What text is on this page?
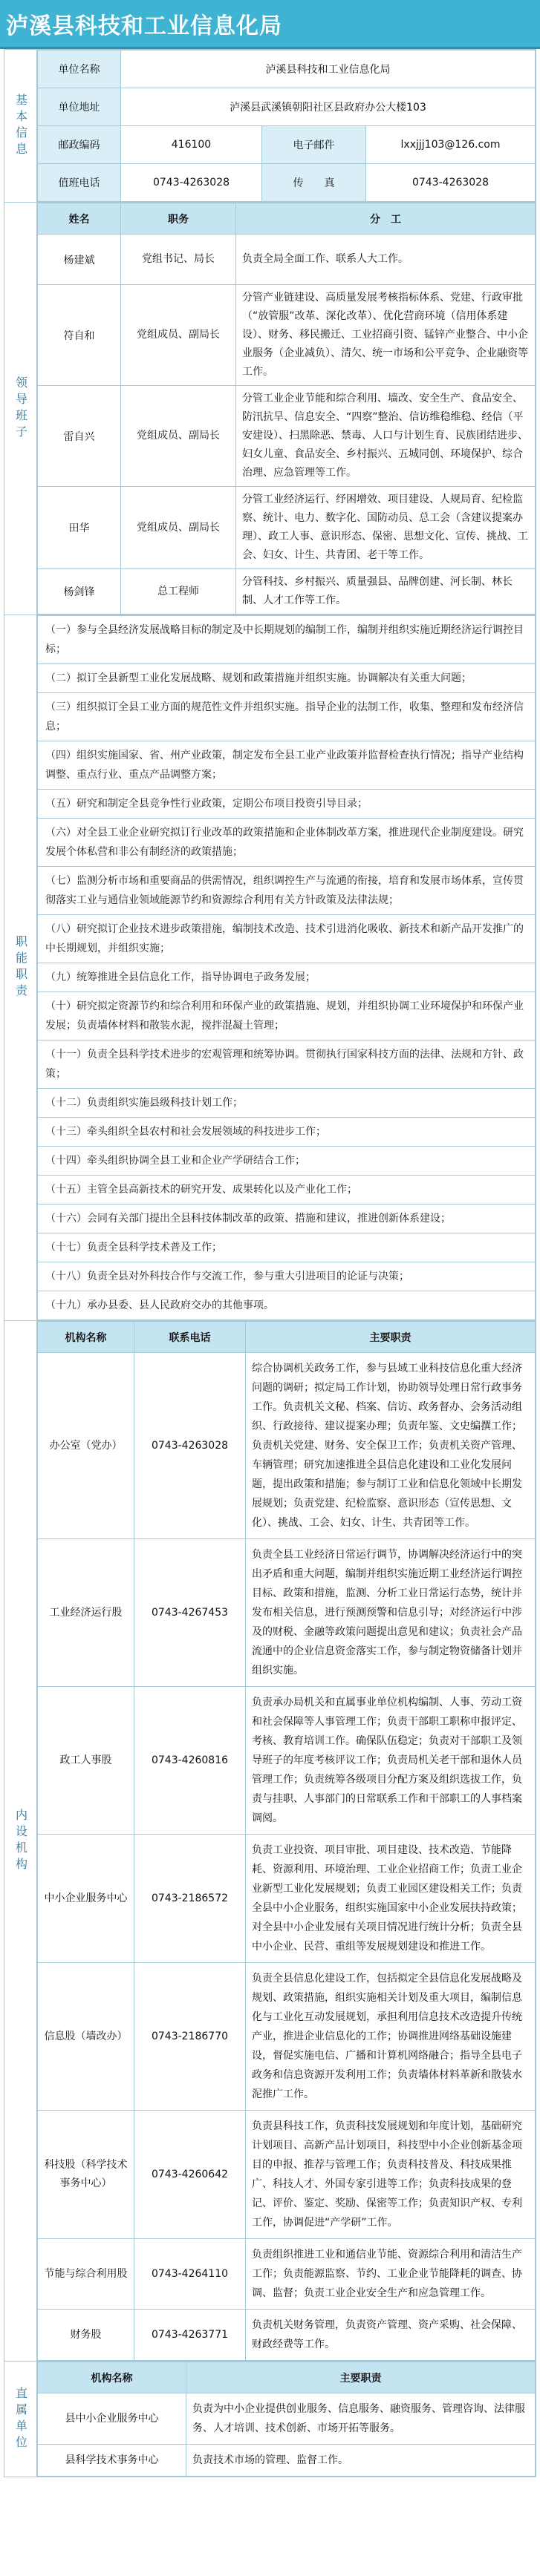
泸溪县科技和工业信息化局
基本信息	
单位名称	泸溪县科技和工业信息化局
单位地址	泸溪县武溪镇朝阳社区县政府办公大楼103
邮政编码	416100	电子邮件	lxxjjj103@126.com
值班电话	0743-4263028	传　　真	0743-4263028

领导班子	
姓名	职务	分　工
杨建斌	党组书记、局长	负责全局全面工作、联系人大工作。
符自和	党组成员、副局长	分管产业链建设、高质量发展考核指标体系、党建、行政审批（“放管服”改革、深化改革）、优化营商环境（信用体系建设）、财务、移民搬迁、工业招商引资、锰锌产业整合、中小企业服务（企业减负）、清欠、统一市场和公平竞争、企业融资等工作。
雷自兴	党组成员、副局长	分管工业企业节能和综合利用、墙改、安全生产、食品安全、防汛抗旱、信息安全、“四察”整治、信访维稳维稳、经信（平安建设）、扫黑除恶、禁毒、人口与计划生育、民族团结进步、妇女儿童、食品安全、乡村振兴、五城同创、环境保护、综合治理、应急管理等工作。
田华	党组成员、副局长	分管工业经济运行、纾困增效、项目建设、人规局育、纪检监察、统计、电力、数字化、国防动员、总工会（含建议提案办理）、政工人事、意识形态、保密、思想文化、宣传、挑战、工会、妇女、计生、共青团、老干等工作。
杨剑锋	总工程师	分管科技、乡村振兴、质量强县、品牌创建、河长制、林长制、人才工作等工作。

职能职责	
（一）参与全县经济发展战略目标的制定及中长期规划的编制工作，编制并组织实施近期经济运行调控目标；
（二）拟订全县新型工业化发展战略、规划和政策措施并组织实施。协调解决有关重大问题；
（三）组织拟订全县工业方面的规范性文件并组织实施。指导企业的法制工作，收集、整理和发布经济信息；
（四）组织实施国家、省、州产业政策，制定发布全县工业产业政策并监督检查执行情况；指导产业结构调整、重点行业、重点产品调整方案；
（五）研究和制定全县竞争性行业政策，定期公布项目投资引导目录；
（六）对全县工业企业研究拟订行业改革的政策措施和企业体制改革方案，推进现代企业制度建设。研究发展个体私营和非公有制经济的政策措施；
（七）监测分析市场和重要商品的供需情况，组织调控生产与流通的衔接，培育和发展市场体系，宣传贯彻落实工业与通信业领域能源节约和资源综合利用有关方针政策及法律法规；
（八）研究拟订企业技术进步政策措施，编制技术改造、技术引进消化吸收、新技术和新产品开发推广的中长期规划，并组织实施；
（九）统筹推进全县信息化工作，指导协调电子政务发展；
（十）研究拟定资源节约和综合利用和环保产业的政策措施、规划，并组织协调工业环境保护和环保产业发展；负责墙体材料和散装水泥，搅拌混凝土管理；
（十一）负责全县科学技术进步的宏观管理和统筹协调。贯彻执行国家科技方面的法律、法规和方针、政策；
（十二）负责组织实施县级科技计划工作；
（十三）牵头组织全县农村和社会发展领域的科技进步工作；
（十四）牵头组织协调全县工业和企业产学研结合工作；
（十五）主管全县高新技术的研究开发、成果转化以及产业化工作；
（十六）会同有关部门提出全县科技体制改革的政策、措施和建议，推进创新体系建设；
（十七）负责全县科学技术普及工作；
（十八）负责全县对外科技合作与交流工作，参与重大引进项目的论证与决策；
（十九）承办县委、县人民政府交办的其他事项。

内设机构	
机构名称	联系电话	主要职责
办公室（党办）	0743-4263028	综合协调机关政务工作，参与县域工业科技信息化重大经济问题的调研；拟定局工作计划，协助领导处理日常行政事务工作。负责机关文秘、档案、信访、政务督办、会务活动组织、行政接待、建议提案办理；负责年鉴、文史编撰工作；负责机关党建、财务、安全保卫工作；负责机关资产管理、车辆管理；研究加速推进全县信息化建设和工业化发展问题，提出政策和措施；参与制订工业和信息化领域中长期发展规划；负责党建、纪检监察、意识形态（宣传思想、文化）、挑战、工会、妇女、计生、共青团等工作。
工业经济运行股	0743-4267453	负责全县工业经济日常运行调节，协调解决经济运行中的突出矛盾和重大问题，编制并组织实施近期工业经济运行调控目标、政策和措施，监测、分析工业日常运行态势，统计并发布相关信息，进行预测预警和信息引导；对经济运行中涉及的财税、金融等政策问题提出意见和建议；负责社会产品流通中的企业信息资金落实工作，参与制定物资储备计划并组织实施。
政工人事股	0743-4260816	负责承办局机关和直属事业单位机构编制、人事、劳动工资和社会保障等人事管理工作；负责干部职工职称申报评定、考核、教育培训工作。确保队伍稳定；负责对干部职工及领导班子的年度考核评议工作；负责局机关老干部和退休人员管理工作；负责统筹各级项目分配方案及组织选拔工作，负责与挂职、人事部门的日常联系工作和干部职工的人事档案调阅。
中小企业服务中心	0743-2186572	负责工业投资、项目审批、项目建设、技术改造、节能降耗、资源利用、环境治理、工业企业招商工作；负责工业企业新型工业化发展规划；负责工业园区建设相关工作；负责全县中小企业服务，组织实施国家中小企业发展扶持政策；对全县中小企业发展有关项目情况进行统计分析；负责全县中小企业、民营、重组等发展规划建设和推进工作。
信息股（墙改办）	0743-2186770	负责全县信息化建设工作，包括拟定全县信息化发展战略及规划、政策措施，组织实施相关计划及重大项目，编制信息化与工业化互动发展规划，承担利用信息技术改造提升传统产业，推进企业信息化的工作；协调推进网络基础设施建设，督促实施电信、广播和计算机网络融合；指导全县电子政务和信息资源开发利用工作；负责墙体材料革新和散装水泥推广工作。
科技股（科学技术事务中心）	0743-4260642	负责县科技工作，负责科技发展规划和年度计划，基础研究计划项目、高新产品计划项目，科技型中小企业创新基金项目的申报、推荐与管理工作；负责科技普及、科技成果推广、科技人才、外国专家引进等工作；负责科技成果的登记、评价、鉴定、奖励、保密等工作；负责知识产权、专利工作，协调促进“产学研”工作。
节能与综合利用股	0743-4264110	负责组织推进工业和通信业节能、资源综合利用和清洁生产工作；负责能源监察、节约、工业企业节能降耗的调查、协调、监督；负责工业企业安全生产和应急管理工作。
财务股	0743-4263771	负责机关财务管理，负责资产管理、资产采购、社会保障、财政经费等工作。

直属单位	
机构名称	主要职责
县中小企业服务中心	负责为中小企业提供创业服务、信息服务、融资服务、管理咨询、法律服务、人才培训、技术创新、市场开拓等服务。
县科学技术事务中心	负责技术市场的管理、监督工作。
